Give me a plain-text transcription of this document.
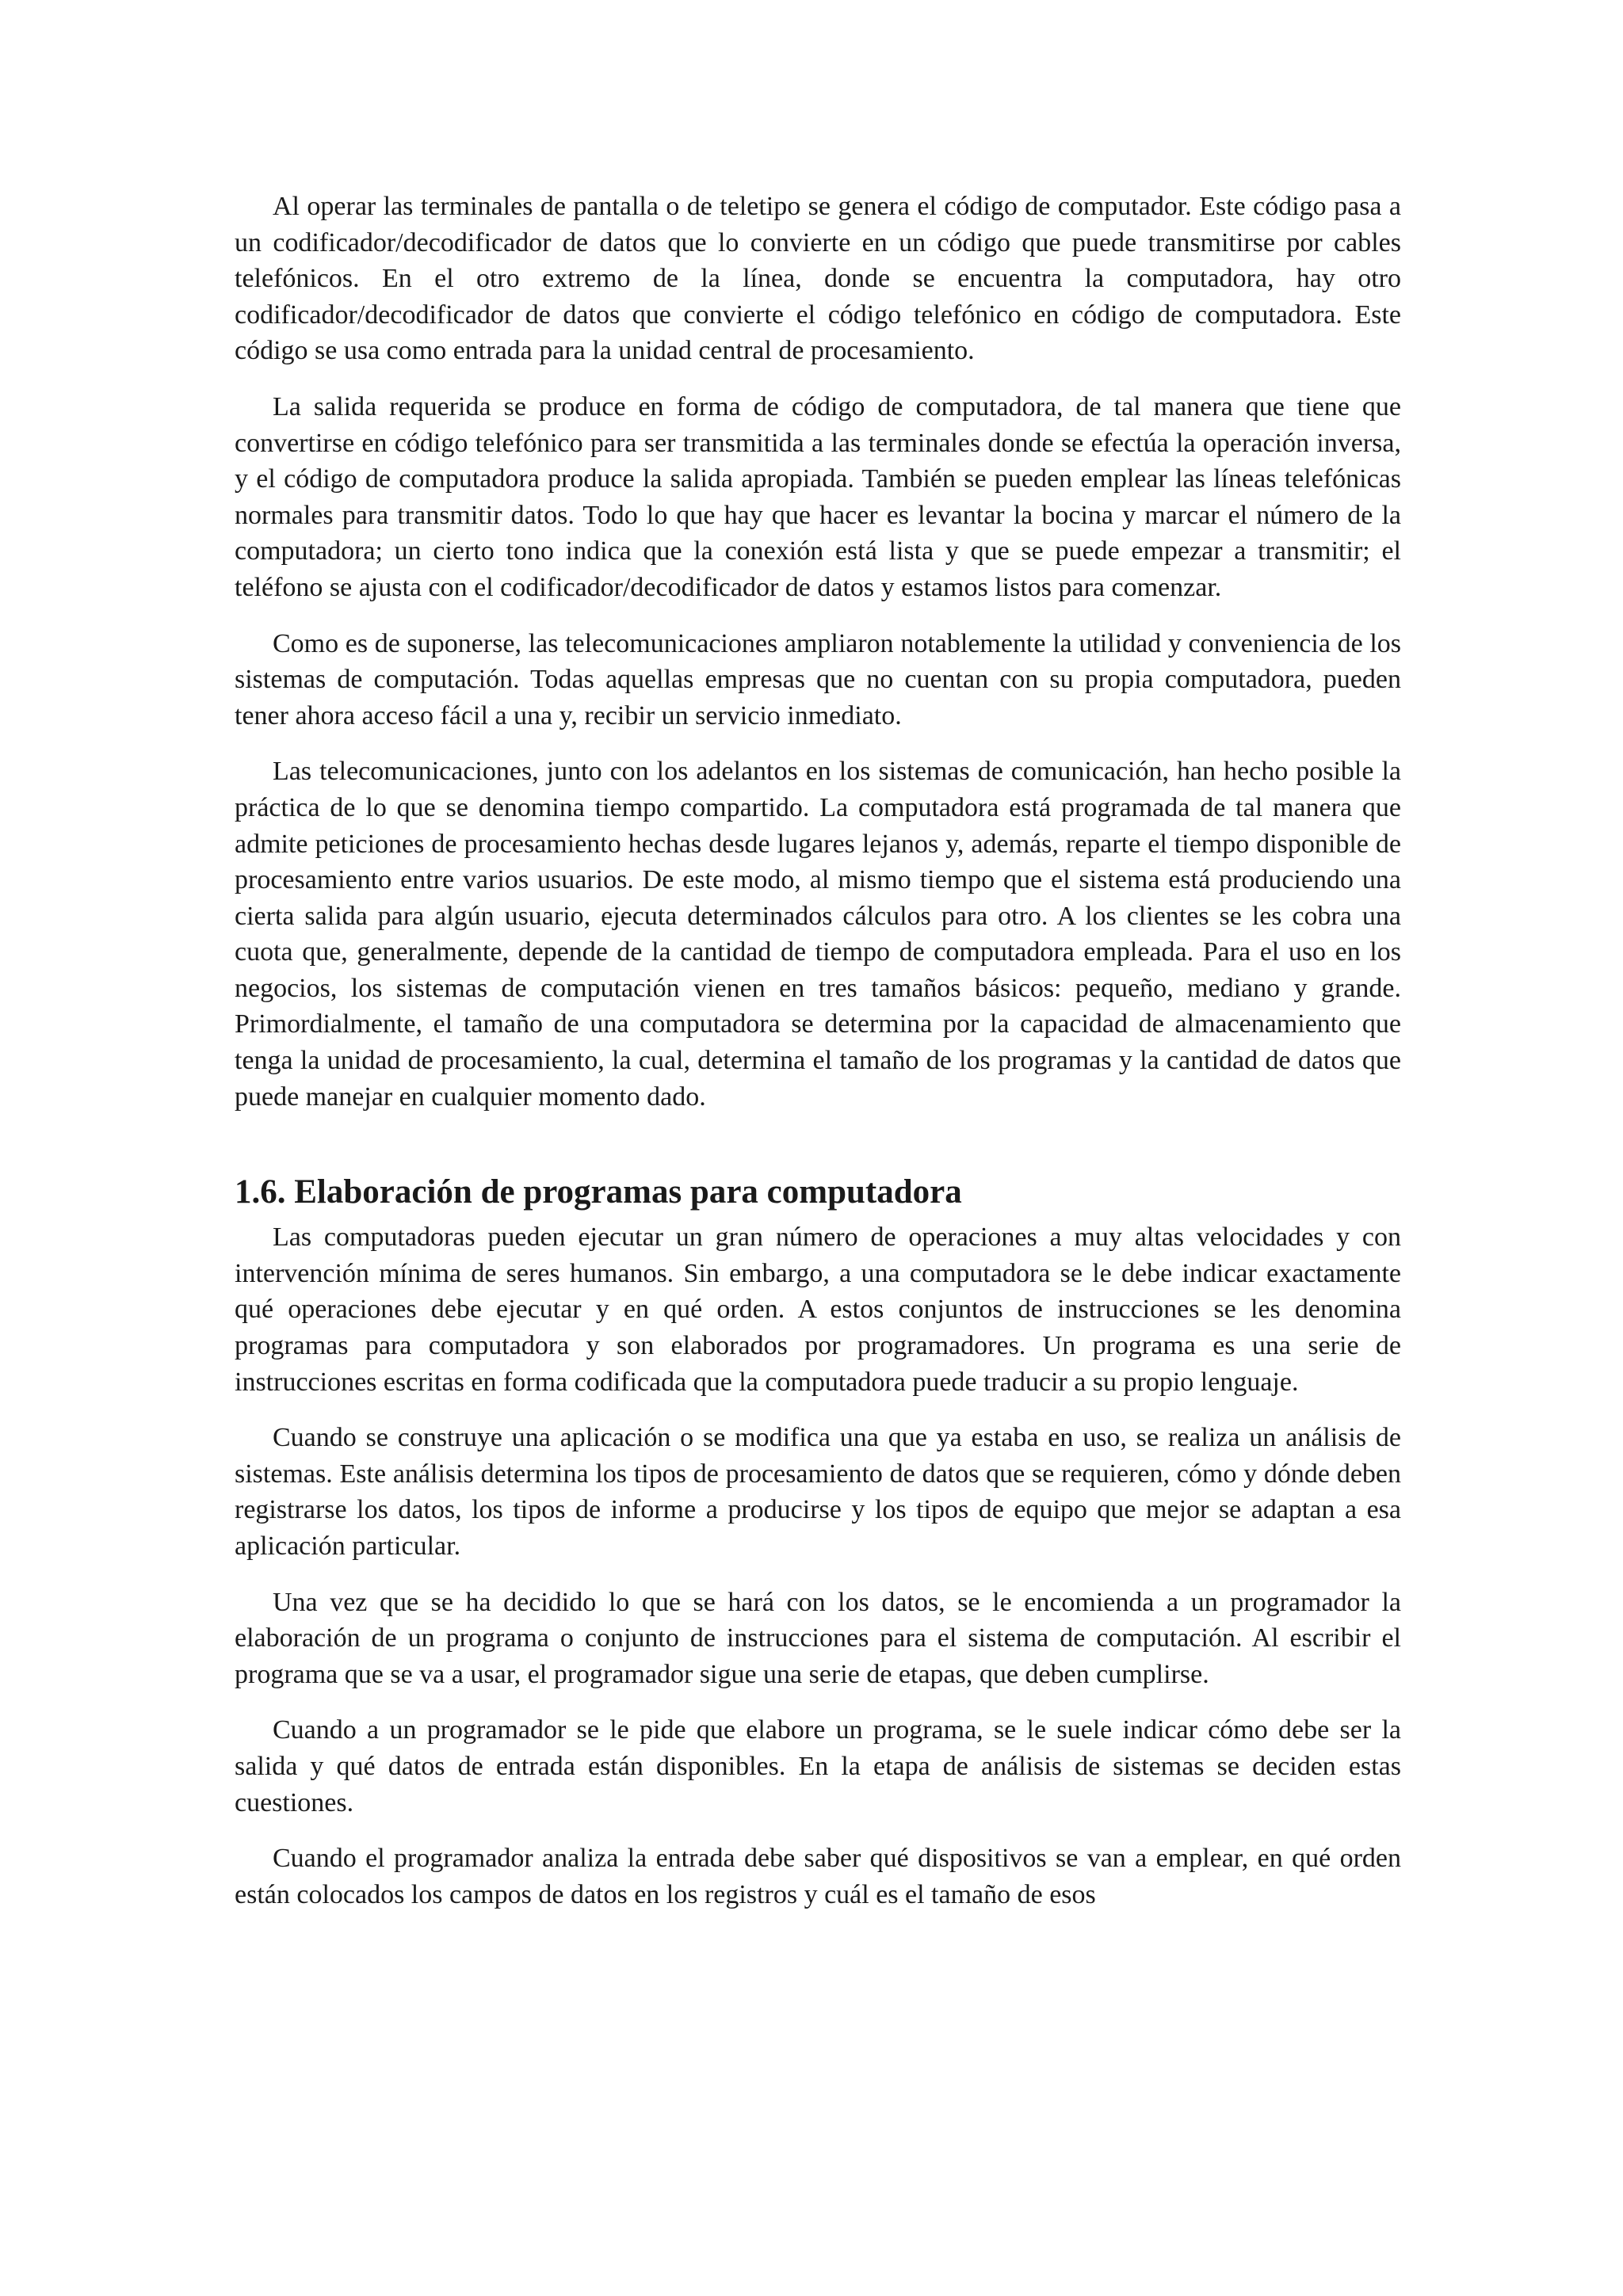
Al operar las terminales de pantalla o de teletipo se genera el código de computador. Este código pasa a un codificador/decodificador de datos que lo convierte en un código que puede transmitirse por cables telefónicos. En el otro extremo de la línea, donde se encuentra la computadora, hay otro codificador/decodificador de datos que convierte el código telefónico en código de computadora. Este código se usa como entrada para la unidad central de procesamiento.

La salida requerida se produce en forma de código de computadora, de tal manera que tiene que convertirse en código telefónico para ser transmitida a las terminales donde se efectúa la operación inversa, y el código de computadora produce la salida apropiada. También se pueden emplear las líneas telefónicas normales para transmitir datos. Todo lo que hay que hacer es levantar la bocina y marcar el número de la computadora; un cierto tono indica que la conexión está lista y que se puede empezar a transmitir; el teléfono se ajusta con el codificador/decodificador de datos y estamos listos para comenzar.

Como es de suponerse, las telecomunicaciones ampliaron notablemente la utilidad y conveniencia de los sistemas de computación. Todas aquellas empresas que no cuentan con su propia computadora, pueden tener ahora acceso fácil a una y, recibir un servicio inmediato.

Las telecomunicaciones, junto con los adelantos en los sistemas de comunicación, han hecho posible la práctica de lo que se denomina tiempo compartido. La computadora está programada de tal manera que admite peticiones de procesamiento hechas desde lugares lejanos y, además, reparte el tiempo disponible de procesamiento entre varios usuarios. De este modo, al mismo tiempo que el sistema está produciendo una cierta salida para algún usuario, ejecuta determinados cálculos para otro. A los clientes se les cobra una cuota que, generalmente, depende de la cantidad de tiempo de computadora empleada. Para el uso en los negocios, los sistemas de computación vienen en tres tamaños básicos: pequeño, mediano y grande. Primordialmente, el tamaño de una computadora se determina por la capacidad de almacenamiento que tenga la unidad de procesamiento, la cual, determina el tamaño de los programas y la cantidad de datos que puede manejar en cualquier momento dado.

1.6. Elaboración de programas para computadora

Las computadoras pueden ejecutar un gran número de operaciones a muy altas velocidades y con intervención mínima de seres humanos. Sin embargo, a una computadora se le debe indicar exactamente qué operaciones debe ejecutar y en qué orden. A estos conjuntos de instrucciones se les denomina programas para computadora y son elaborados por programadores. Un programa es una serie de instrucciones escritas en forma codificada que la computadora puede traducir a su propio lenguaje.

Cuando se construye una aplicación o se modifica una que ya estaba en uso, se realiza un análisis de sistemas. Este análisis determina los tipos de procesamiento de datos que se requieren, cómo y dónde deben registrarse los datos, los tipos de informe a producirse y los tipos de equipo que mejor se adaptan a esa aplicación particular.

Una vez que se ha decidido lo que se hará con los datos, se le encomienda a un programador la elaboración de un programa o conjunto de instrucciones para el sistema de computación. Al escribir el programa que se va a usar, el programador sigue una serie de etapas, que deben cumplirse.

Cuando a un programador se le pide que elabore un programa, se le suele indicar cómo debe ser la salida y qué datos de entrada están disponibles. En la etapa de análisis de sistemas se deciden estas cuestiones.

Cuando el programador analiza la entrada debe saber qué dispositivos se van a emplear, en qué orden están colocados los campos de datos en los registros y cuál es el tamaño de esos
